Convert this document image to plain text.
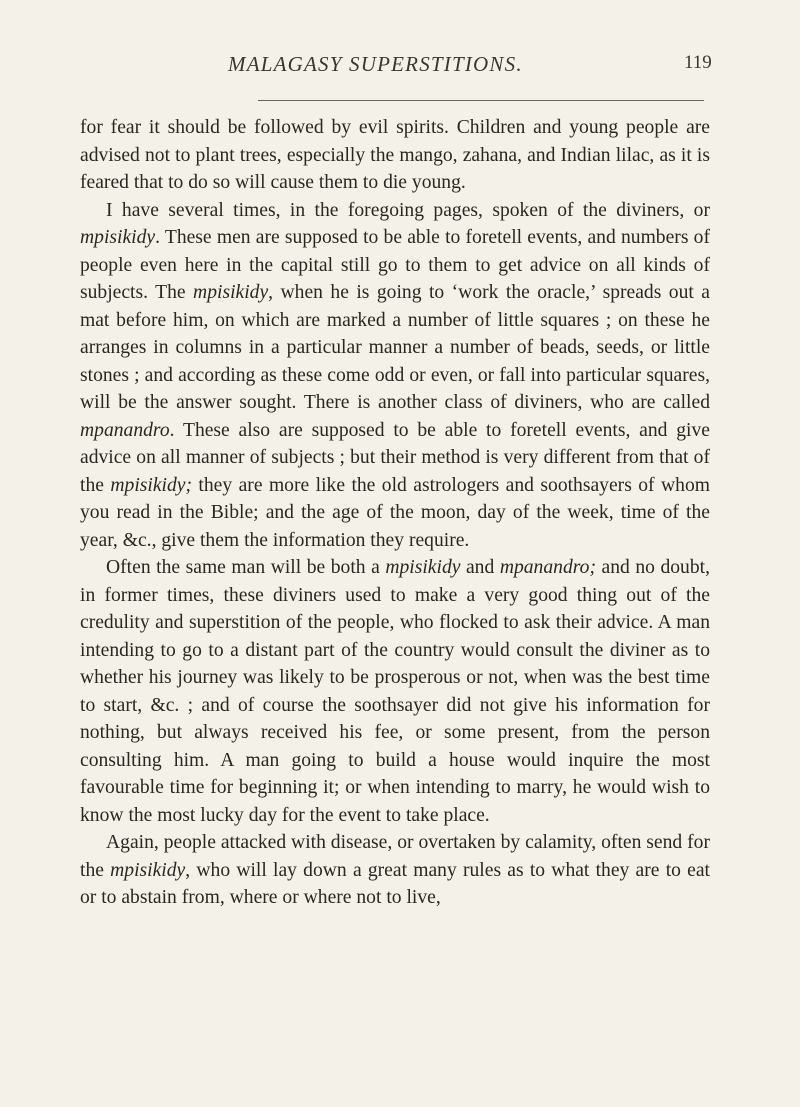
MALAGASY SUPERSTITIONS.	119

for fear it should be followed by evil spirits. Children and young people are advised not to plant trees, especially the mango, zahana, and Indian lilac, as it is feared that to do so will cause them to die young.

I have several times, in the foregoing pages, spoken of the diviners, or mpisikidy. These men are supposed to be able to foretell events, and numbers of people even here in the capital still go to them to get advice on all kinds of subjects. The mpisikidy, when he is going to ‘work the oracle,’ spreads out a mat before him, on which are marked a number of little squares ; on these he arranges in columns in a particular manner a number of beads, seeds, or little stones ; and according as these come odd or even, or fall into particular squares, will be the answer sought. There is another class of diviners, who are called mpanandro. These also are supposed to be able to foretell events, and give advice on all manner of subjects ; but their method is very different from that of the mpisikidy; they are more like the old astrologers and soothsayers of whom you read in the Bible; and the age of the moon, day of the week, time of the year, &c., give them the information they require.

Often the same man will be both a mpisikidy and mpanandro; and no doubt, in former times, these diviners used to make a very good thing out of the credulity and superstition of the people, who flocked to ask their advice. A man intending to go to a distant part of the country would consult the diviner as to whether his journey was likely to be prosperous or not, when was the best time to start, &c. ; and of course the soothsayer did not give his information for nothing, but always received his fee, or some present, from the person consulting him. A man going to build a house would inquire the most favourable time for beginning it; or when intending to marry, he would wish to know the most lucky day for the event to take place.

Again, people attacked with disease, or overtaken by calamity, often send for the mpisikidy, who will lay down a great many rules as to what they are to eat or to abstain from, where or where not to live,
